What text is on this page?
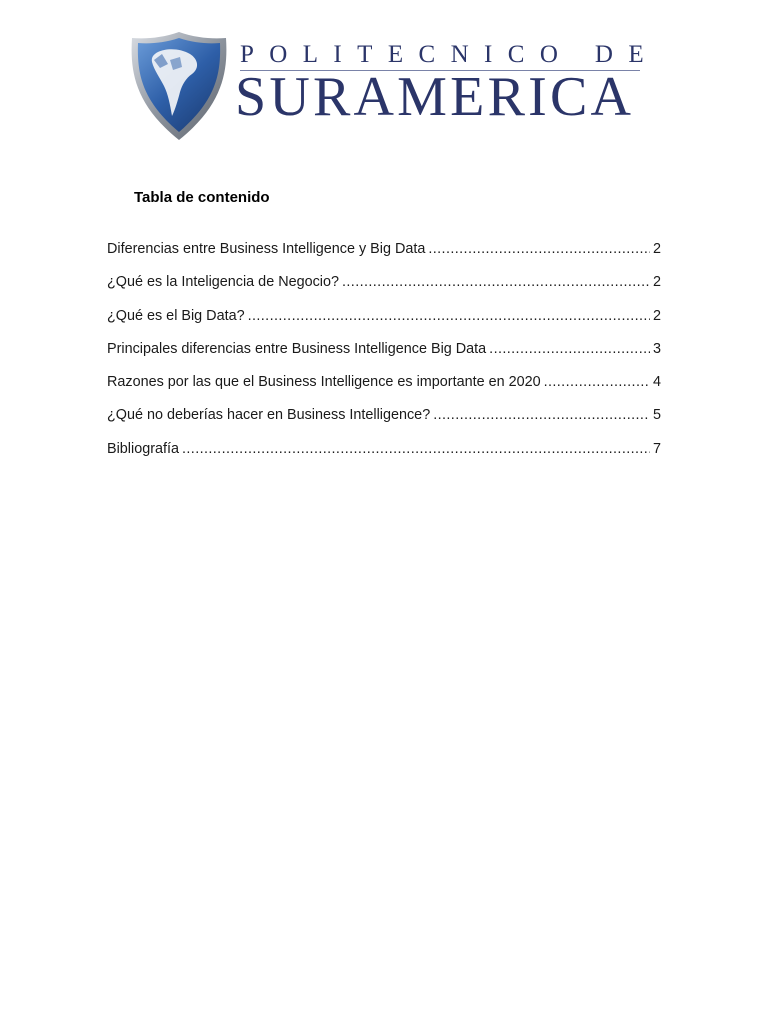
POLITECNICO DE
SURAMERICA
Tabla de contenido
Diferencias entre Business Intelligence y Big Data .....	2
¿Qué es la Inteligencia de Negocio? .....	2
¿Qué es el Big Data? .....	2
Principales diferencias entre Business Intelligence Big Data .....	3
Razones por las que el Business Intelligence es importante en 2020 .....	4
¿Qué no deberías hacer en Business Intelligence? .....	5
Bibliografía .....	7
